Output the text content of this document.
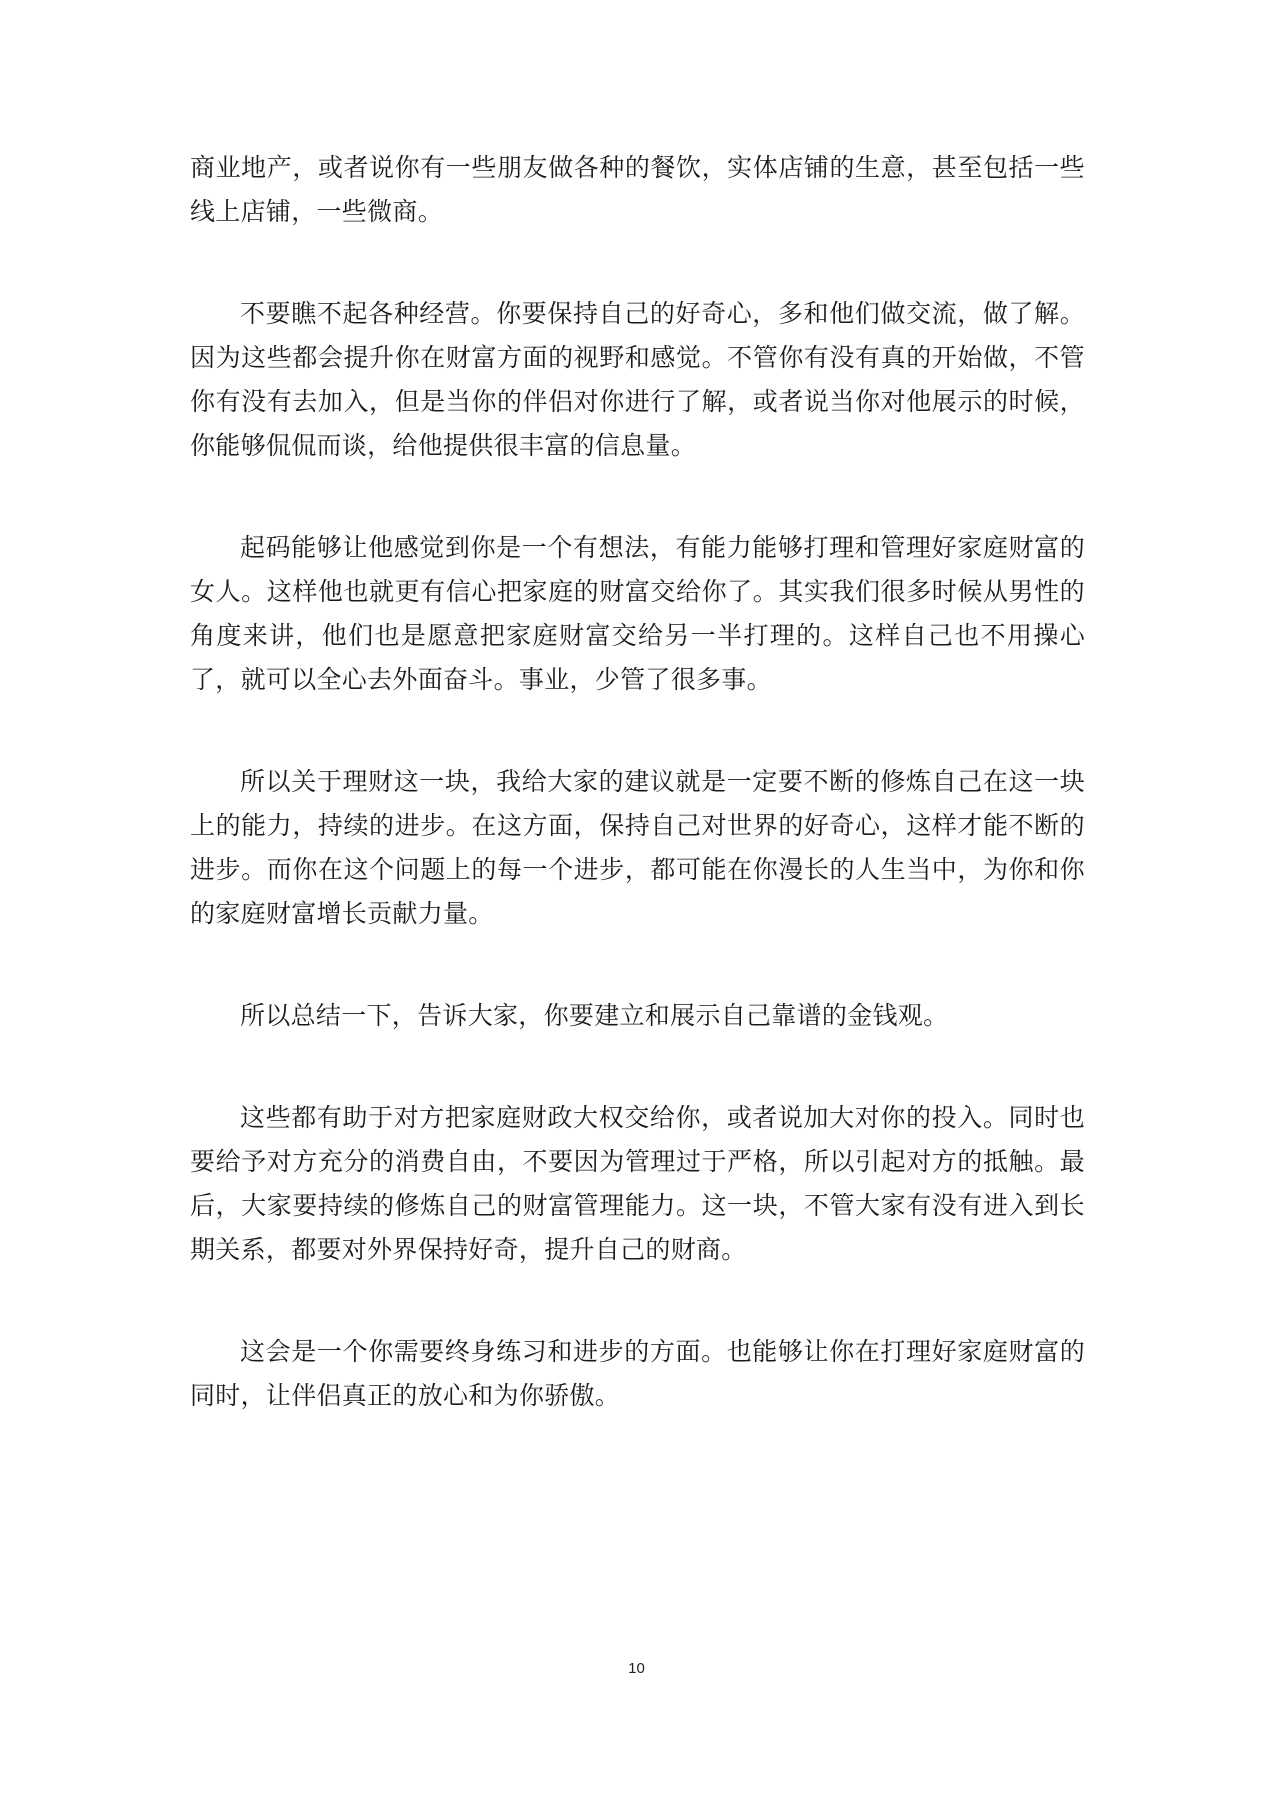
商业地产，或者说你有一些朋友做各种的餐饮，实体店铺的生意，甚至包括一些线上店铺，一些微商。

不要瞧不起各种经营。你要保持自己的好奇心，多和他们做交流，做了解。因为这些都会提升你在财富方面的视野和感觉。不管你有没有真的开始做，不管你有没有去加入，但是当你的伴侣对你进行了解，或者说当你对他展示的时候，你能够侃侃而谈，给他提供很丰富的信息量。

起码能够让他感觉到你是一个有想法，有能力能够打理和管理好家庭财富的女人。这样他也就更有信心把家庭的财富交给你了。其实我们很多时候从男性的角度来讲，他们也是愿意把家庭财富交给另一半打理的。这样自己也不用操心了，就可以全心去外面奋斗。事业，少管了很多事。

所以关于理财这一块，我给大家的建议就是一定要不断的修炼自己在这一块上的能力，持续的进步。在这方面，保持自己对世界的好奇心，这样才能不断的进步。而你在这个问题上的每一个进步，都可能在你漫长的人生当中，为你和你的家庭财富增长贡献力量。

所以总结一下，告诉大家，你要建立和展示自己靠谱的金钱观。

这些都有助于对方把家庭财政大权交给你，或者说加大对你的投入。同时也要给予对方充分的消费自由，不要因为管理过于严格，所以引起对方的抵触。最后，大家要持续的修炼自己的财富管理能力。这一块，不管大家有没有进入到长期关系，都要对外界保持好奇，提升自己的财商。

这会是一个你需要终身练习和进步的方面。也能够让你在打理好家庭财富的同时，让伴侣真正的放心和为你骄傲。

10
